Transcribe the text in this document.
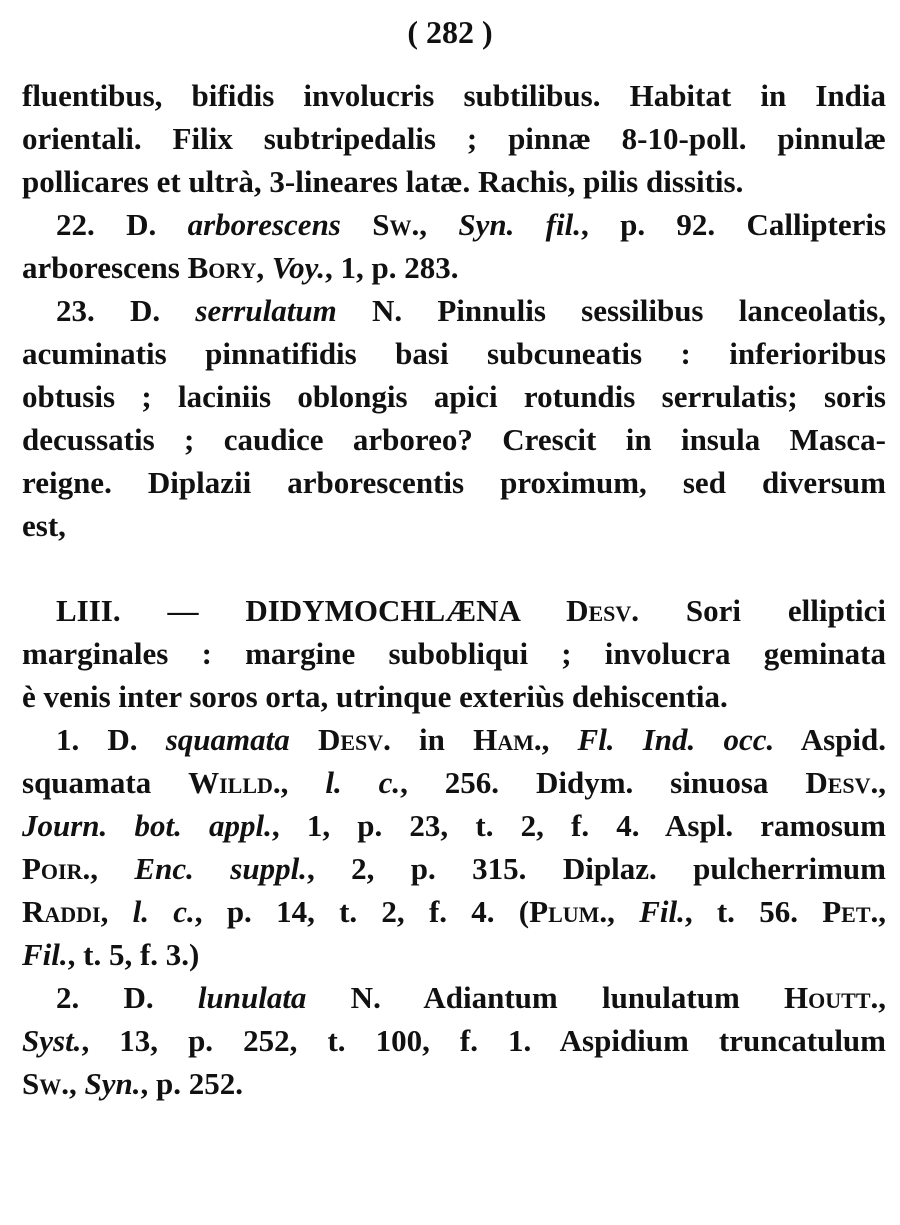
( 282 )
fluentibus, bifidis involucris subtilibus. Habitat in India
orientali. Filix subtripedalis ; pinnæ 8-10-poll. pinnulæ
pollicares et ultrà, 3-lineares latæ. Rachis, pilis dissitis.
22. D. arborescens Sw., Syn. fil., p. 92. Callipteris
arborescens Bory, Voy., 1, p. 283.
23. D. serrulatum N. Pinnulis sessilibus lanceolatis,
acuminatis pinnatifidis basi subcuneatis : inferioribus
obtusis ; laciniis oblongis apici rotundis serrulatis; soris
decussatis ; caudice arboreo? Crescit in insula Masca-
reigne. Diplazii arborescentis proximum, sed diversum
est,
LIII. — DIDYMOCHLÆNA Desv. Sori elliptici
marginales : margine subobliqui ; involucra geminata
è venis inter soros orta, utrinque exteriùs dehiscentia.
1. D. squamata Desv. in Ham., Fl. Ind. occ. Aspid.
squamata Willd., l. c., 256. Didym. sinuosa Desv.,
Journ. bot. appl., 1, p. 23, t. 2, f. 4. Aspl. ramosum
Poir., Enc. suppl., 2, p. 315. Diplaz. pulcherrimum
Raddi, l. c., p. 14, t. 2, f. 4. (Plum., Fil., t. 56. Pet.,
Fil., t. 5, f. 3.)
2. D. lunulata N. Adiantum lunulatum Houtt.,
Syst., 13, p. 252, t. 100, f. 1. Aspidium truncatulum
Sw., Syn., p. 252.
